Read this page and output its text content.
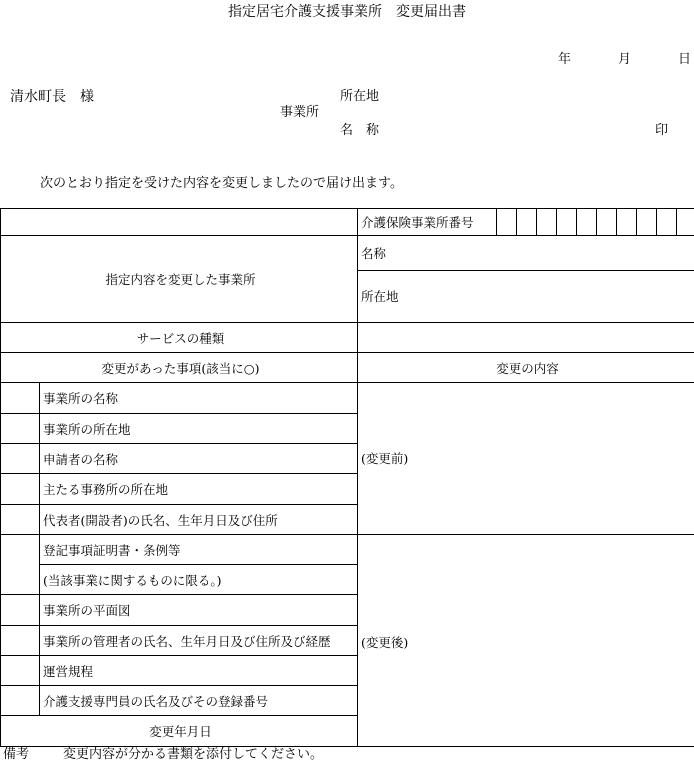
指定居宅介護支援事業所　変更届出書
年	月	日
清水町長　様	所在地
事業所
名　称	印
次のとおり指定を受けた内容を変更しましたので届け出ます。
		介護保険事業所番号											
指定内容を変更した事業所		名称											

		所在地											

サービスの種類													
変更があった事項(該当に○)		変更の内容											
	事業所の名称	(変更前)											

	事業所の所在地												
	申請者の名称												
	主たる事務所の所在地												
	代表者(開設者)の氏名、生年月日及び住所												
	登記事項証明書・条例等	(変更後)											

	(当該事業に関するものに限る。)												
	事業所の平面図												
	事業所の管理者の氏名、生年月日及び住所及び経歴												
	運営規程												
	介護支援専門員の氏名及びその登録番号												
変更年月日	
備考	変更内容が分かる書類を添付してください。
